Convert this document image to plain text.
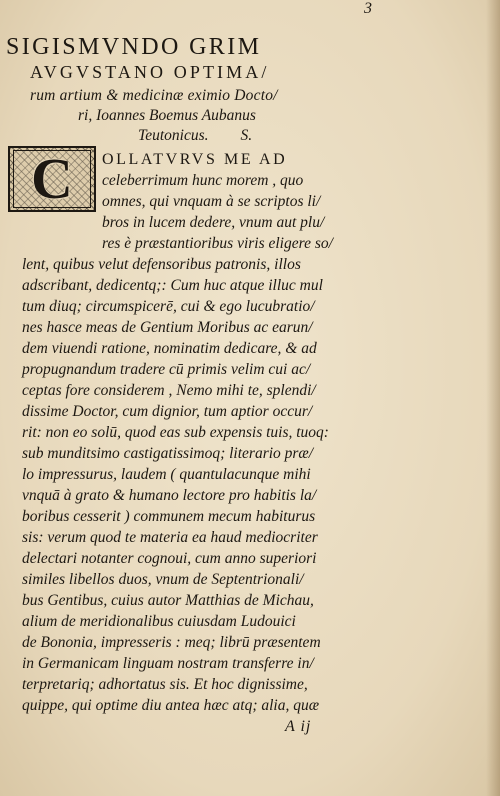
3
SIGISMVNDO GRIM
AVGVSTANO OPTIMA/
rum artium & medicinæ eximio Docto/
ri, Ioannes Boemus Aubanus
Teutonicus. S.
C OLLATVRVS ME AD
celeberrimum hunc morem , quo
omnes, qui vnquam à se scriptos li/
bros in lucem dedere, vnum aut plu/
res è præstantioribus viris eligere so/
lent, quibus velut defensoribus patronis, illos
adscribant, dedicentq;: Cum huc atque illuc mul
tum diuq; circumspicerē, cui & ego lucubratio/
nes hasce meas de Gentium Moribus ac earun/
dem viuendi ratione, nominatim dedicare, & ad
propugnandum tradere cū primis velim cui ac/
ceptas fore considerem , Nemo mihi te, splendi/
dissime Doctor, cum dignior, tum aptior occur/
rit: non eo solū, quod eas sub expensis tuis, tuoq:
sub munditsimo castigatissimoq; literario præ/
lo impressurus, laudem ( quantulacunque mihi
vnquā à grato & humano lectore pro habitis la/
boribus cesserit ) communem mecum habiturus
sis: verum quod te materia ea haud mediocriter
delectari notanter cognoui, cum anno superiori
similes libellos duos, vnum de Septentrionali/
bus Gentibus, cuius autor Matthias de Michau,
alium de meridionalibus cuiusdam Ludouici
de Bononia, impresseris : meq; librū præsentem
in Germanicam linguam nostram transferre in/
terpretariq; adhortatus sis. Et hoc dignissime,
quippe, qui optime diu antea hæc atq; alia, quæ
A ij
